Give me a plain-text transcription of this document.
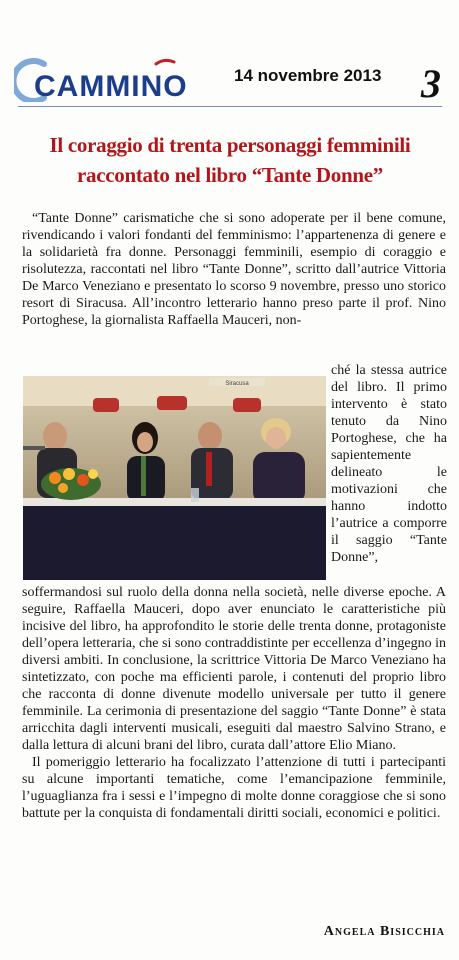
CAMMINO	14 novembre 2013 3
Il coraggio di trenta personaggi femminili
raccontato nel libro “Tante Donne”

“Tante Donne” carismatiche che si sono adoperate per il bene comune, rivendicando i valori fondanti del femminismo: l’appartenenza di genere e la solidarietà fra donne. Personaggi femminili, esempio di coraggio e risolutezza, raccontati nel libro “Tante Donne”, scritto dall’autrice Vittoria De Marco Veneziano e presentato lo scorso 9 novembre, presso uno storico resort di Siracusa. All’incontro letterario hanno preso parte il prof. Nino Portoghese, la giornalista Raffaella Mauceri, non-

Siracusa

ché la stessa autrice del libro. Il primo intervento è stato tenuto da Nino Portoghese, che ha sapientemente delineato le motivazioni che hanno indotto l’autrice a comporre il saggio “Tante Donne”,

soffermandosi sul ruolo della donna nella società, nelle diverse epoche. A seguire, Raffaella Mauceri, dopo aver enunciato le caratteristiche più incisive del libro, ha approfondito le storie delle trenta donne, protagoniste dell’opera letteraria, che si sono contraddistinte per eccellenza d’ingegno in diversi ambiti. In conclusione, la scrittrice Vittoria De Marco Veneziano ha sintetizzato, con poche ma efficienti parole, i contenuti del proprio libro che racconta di donne divenute modello universale per tutto il genere femminile. La cerimonia di presentazione del saggio “Tante Donne” è stata arricchita dagli interventi musicali, eseguiti dal maestro Salvino Strano, e dalla lettura di alcuni brani del libro, curata dall’attore Elio Miano.

Il pomeriggio letterario ha focalizzato l’attenzione di tutti i partecipanti su alcune importanti tematiche, come l’emancipazione femminile, l’uguaglianza fra i sessi e l’impegno di molte donne coraggiose che si sono battute per la conquista di fondamentali diritti sociali, economici e politici.

Angela Bisicchia
